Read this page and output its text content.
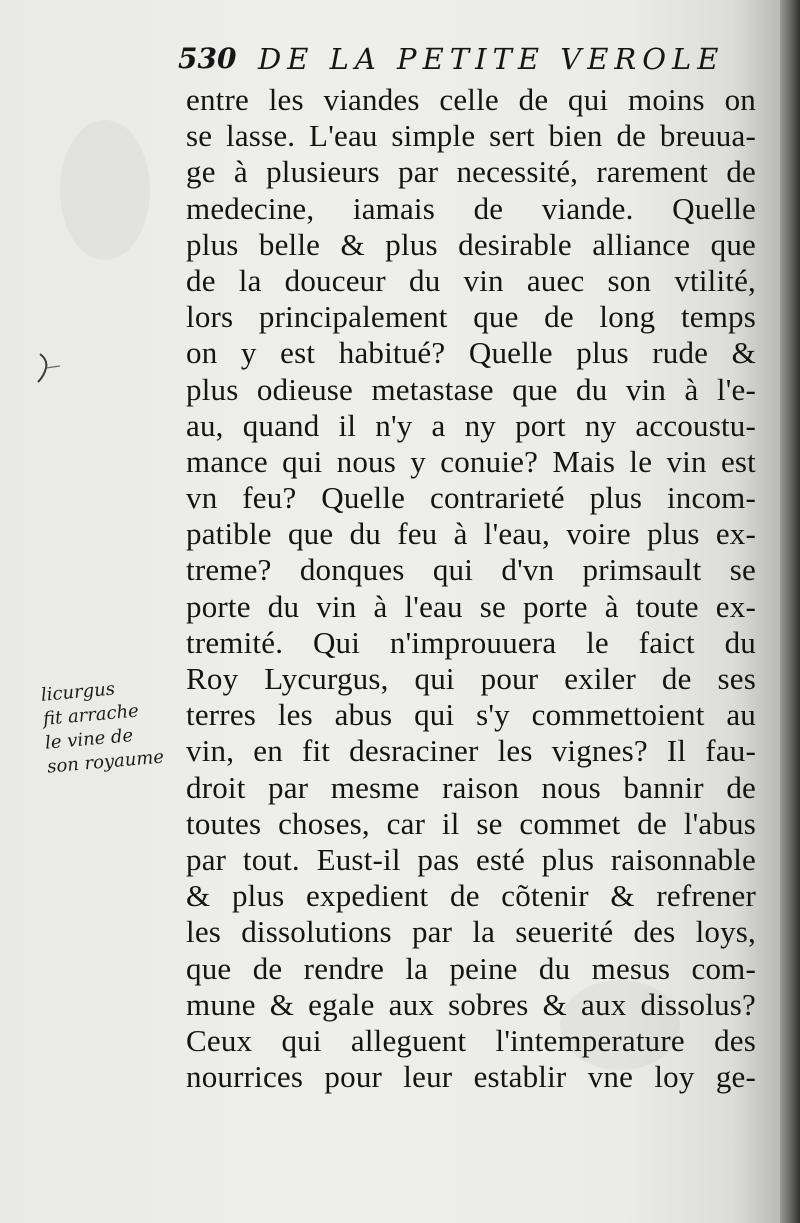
530 DE LA PETITE VEROLE
entre les viandes celle de qui moins on
se lasse. L'eau simple sert bien de breuua-
ge à plusieurs par necessité, rarement de
medecine, iamais de viande. Quelle
plus belle & plus desirable alliance que
de la douceur du vin auec son vtilité,
lors principalement que de long temps
on y est habitué? Quelle plus rude &
plus odieuse metastase que du vin à l'e-
au, quand il n'y a ny port ny accoustu-
mance qui nous y conuie? Mais le vin est
vn feu? Quelle contrarieté plus incom-
patible que du feu à l'eau, voire plus ex-
treme? donques qui d'vn primsault se
porte du vin à l'eau se porte à toute ex-
tremité. Qui n'improuuera le faict du
Roy Lycurgus, qui pour exiler de ses
terres les abus qui s'y commettoient au
vin, en fit desraciner les vignes? Il fau-
droit par mesme raison nous bannir de
toutes choses, car il se commet de l'abus
par tout. Eust-il pas esté plus raisonnable
& plus expedient de cõtenir & refrener
les dissolutions par la seuerité des loys,
que de rendre la peine du mesus com-
mune & egale aux sobres & aux dissolus?
Ceux qui alleguent l'intemperature des
nourrices pour leur establir vne loy ge-
licurgus
fit arrache
le vine de
son royaume
